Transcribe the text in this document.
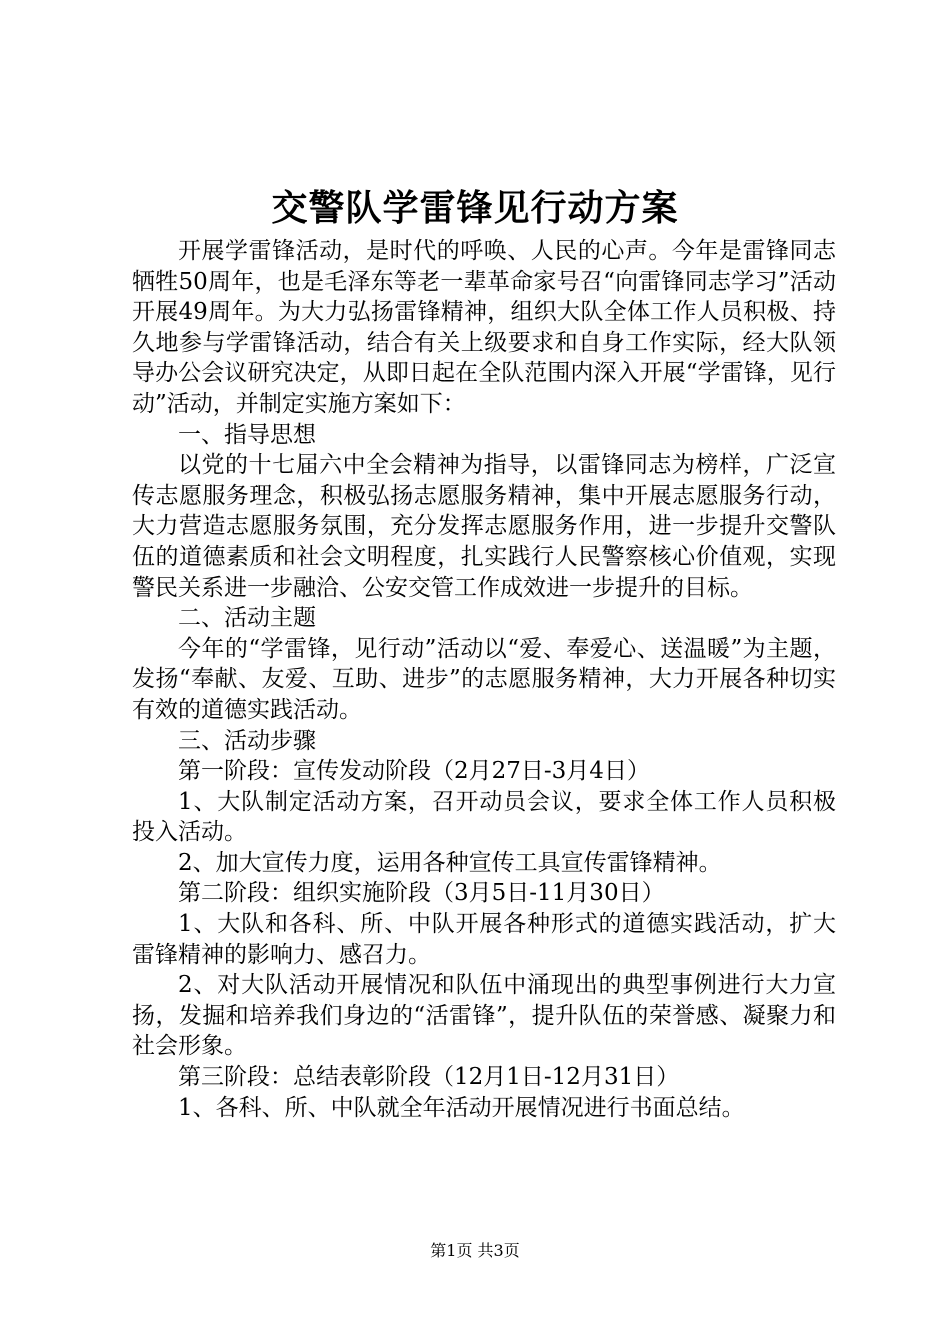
交警队学雷锋见行动方案

开展学雷锋活动，是时代的呼唤、人民的心声。今年是雷锋同志牺牲50周年，也是毛泽东等老一辈革命家号召“向雷锋同志学习”活动开展49周年。为大力弘扬雷锋精神，组织大队全体工作人员积极、持久地参与学雷锋活动，结合有关上级要求和自身工作实际，经大队领导办公会议研究决定，从即日起在全队范围内深入开展“学雷锋，见行动”活动，并制定实施方案如下：

一、指导思想

以党的十七届六中全会精神为指导，以雷锋同志为榜样，广泛宣传志愿服务理念，积极弘扬志愿服务精神，集中开展志愿服务行动，大力营造志愿服务氛围，充分发挥志愿服务作用，进一步提升交警队伍的道德素质和社会文明程度，扎实践行人民警察核心价值观，实现警民关系进一步融洽、公安交管工作成效进一步提升的目标。

二、活动主题

今年的“学雷锋，见行动”活动以“爱、奉爱心、送温暖”为主题，发扬“奉献、友爱、互助、进步”的志愿服务精神，大力开展各种切实有效的道德实践活动。

三、活动步骤

第一阶段：宣传发动阶段（2月27日-3月4日）

1、大队制定活动方案，召开动员会议，要求全体工作人员积极投入活动。

2、加大宣传力度，运用各种宣传工具宣传雷锋精神。

第二阶段：组织实施阶段（3月5日-11月30日）

1、大队和各科、所、中队开展各种形式的道德实践活动，扩大雷锋精神的影响力、感召力。

2、对大队活动开展情况和队伍中涌现出的典型事例进行大力宣扬，发掘和培养我们身边的“活雷锋”，提升队伍的荣誉感、凝聚力和社会形象。

第三阶段：总结表彰阶段（12月1日-12月31日）

1、各科、所、中队就全年活动开展情况进行书面总结。

第1页 共3页
